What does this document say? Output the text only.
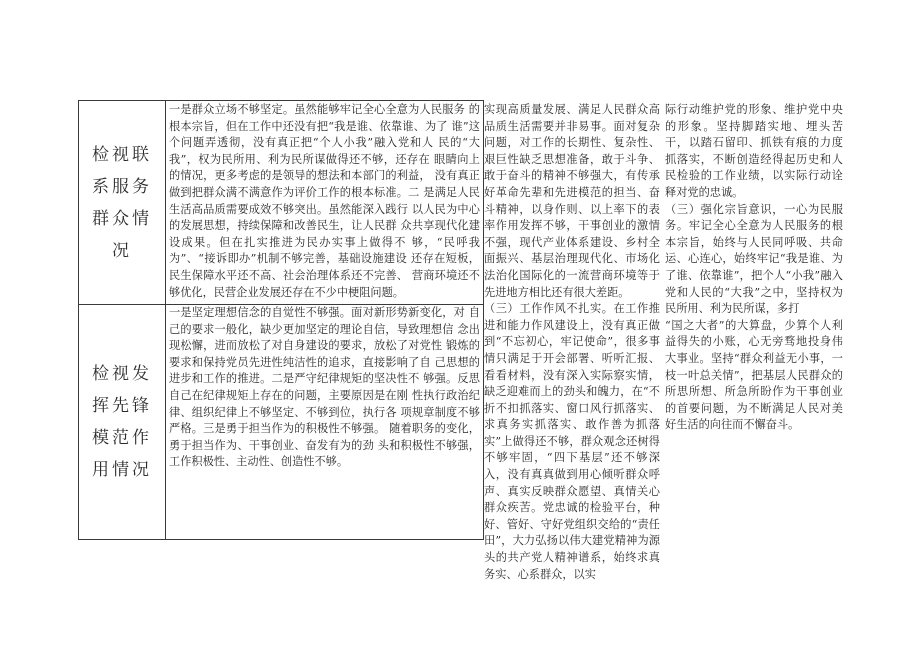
检视联系服务群众情况
一是群众立场不够坚定。虽然能够牢记全心全意为人民服务 的根本宗旨，但在工作中还没有把“我是谁、依靠谁、为了 谁”这个问题弄透彻，没有真正把“个人小我”融入党和人 民的“大我”，权为民所用、利为民所谋做得还不够，还存在 眼睛向上的情况，更多考虑的是领导的想法和本部门的利益， 没有真正做到把群众满不满意作为评价工作的根本标准。二 是满足人民生活高品质需要成效不够突出。虽然能深入践行 以人民为中心的发展思想，持续保障和改善民生，让人民群 众共享现代化建设成果。但在扎实推进为民办实事上做得不 够，“民呼我为”、“接诉即办”机制不够完善，基础设施建设 还存在短板，民生保障水平还不高、社会治理体系还不完善、 营商环境还不够优化，民营企业发展还存在不少中梗阻问题。
检视发挥先锋模范作用情况
一是坚定理想信念的自觉性不够强。面对新形势新变化，对 自己的要求一般化，缺少更加坚定的理论自信，导致理想信 念出现松懈，进而放松了对自身建设的要求，放松了对党性 锻炼的要求和保持党员先进性纯洁性的追求，直接影响了自 己思想的进步和工作的推进。二是严守纪律规矩的坚决性不 够强。反思自己在纪律规矩上存在的问题，主要原因是在刚 性执行政治纪律、组织纪律上不够坚定、不够到位，执行各 项规章制度不够严格。三是勇于担当作为的积极性不够强。 随着职务的变化，勇于担当作为、干事创业、奋发有为的劲 头和积极性不够强，工作积极性、主动性、创造性不够。

实现高质量发展、满足人民群众高品质生活需要并非易事。面对复杂问题，对工作的长期性、复杂性、艰巨性缺乏思想准备，敢于斗争、敢于奋斗的精神不够强大，有传承好革命先辈和先进模范的担当、奋斗精神，以身作则、以上率下的表率作用发挥不够，干事创业的激情不强，现代产业体系建设、乡村全面振兴、基层治理现代化、市场化法治化国际化的一流营商环境等于先进地方相比还有很大差距。

（三）工作作风不扎实。在工作推进和能力作风建设上，没有真正做到“不忘初心，牢记使命”，很多事情只满足于开会部署、听听汇报、看看材料，没有深入实际察实情，缺乏迎难而上的劲头和魄力，在“不折不扣抓落实、窗口风行抓落实、求真务实抓落实、敢作善为抓落实”上做得还不够，群众观念还树得不够牢固，“四下基层”还不够深入，没有真真做到用心倾听群众呼声、真实反映群众愿望、真情关心群众疾苦。党忠诚的检验平台，种好、管好、守好党组织交给的“责任田”，大力弘扬以伟大建党精神为源头的共产党人精神谱系，始终求真务实、心系群众，以实

际行动维护党的形象、维护党中央的形象。坚持脚踏实地、埋头苦干，以踏石留印、抓铁有痕的力度抓落实，不断创造经得起历史和人民检验的工作业绩，以实际行动诠释对党的忠诚。

（三）强化宗旨意识，一心为民服务。牢记全心全意为人民服务的根本宗旨，始终与人民同呼吸、共命运、心连心，始终牢记“我是谁、为了谁、依靠谁”，把个人“小我”融入党和人民的“大我”之中，坚持权为民所用、利为民所谋，多打

“国之大者”的大算盘，少算个人利益得失的小账，心无旁骛地投身伟大事业。坚持“群众利益无小事，一枝一叶总关情”，把基层人民群众的所思所想、所急所盼作为干事创业的首要问题，为不断满足人民对美好生活的向往而不懈奋斗。
